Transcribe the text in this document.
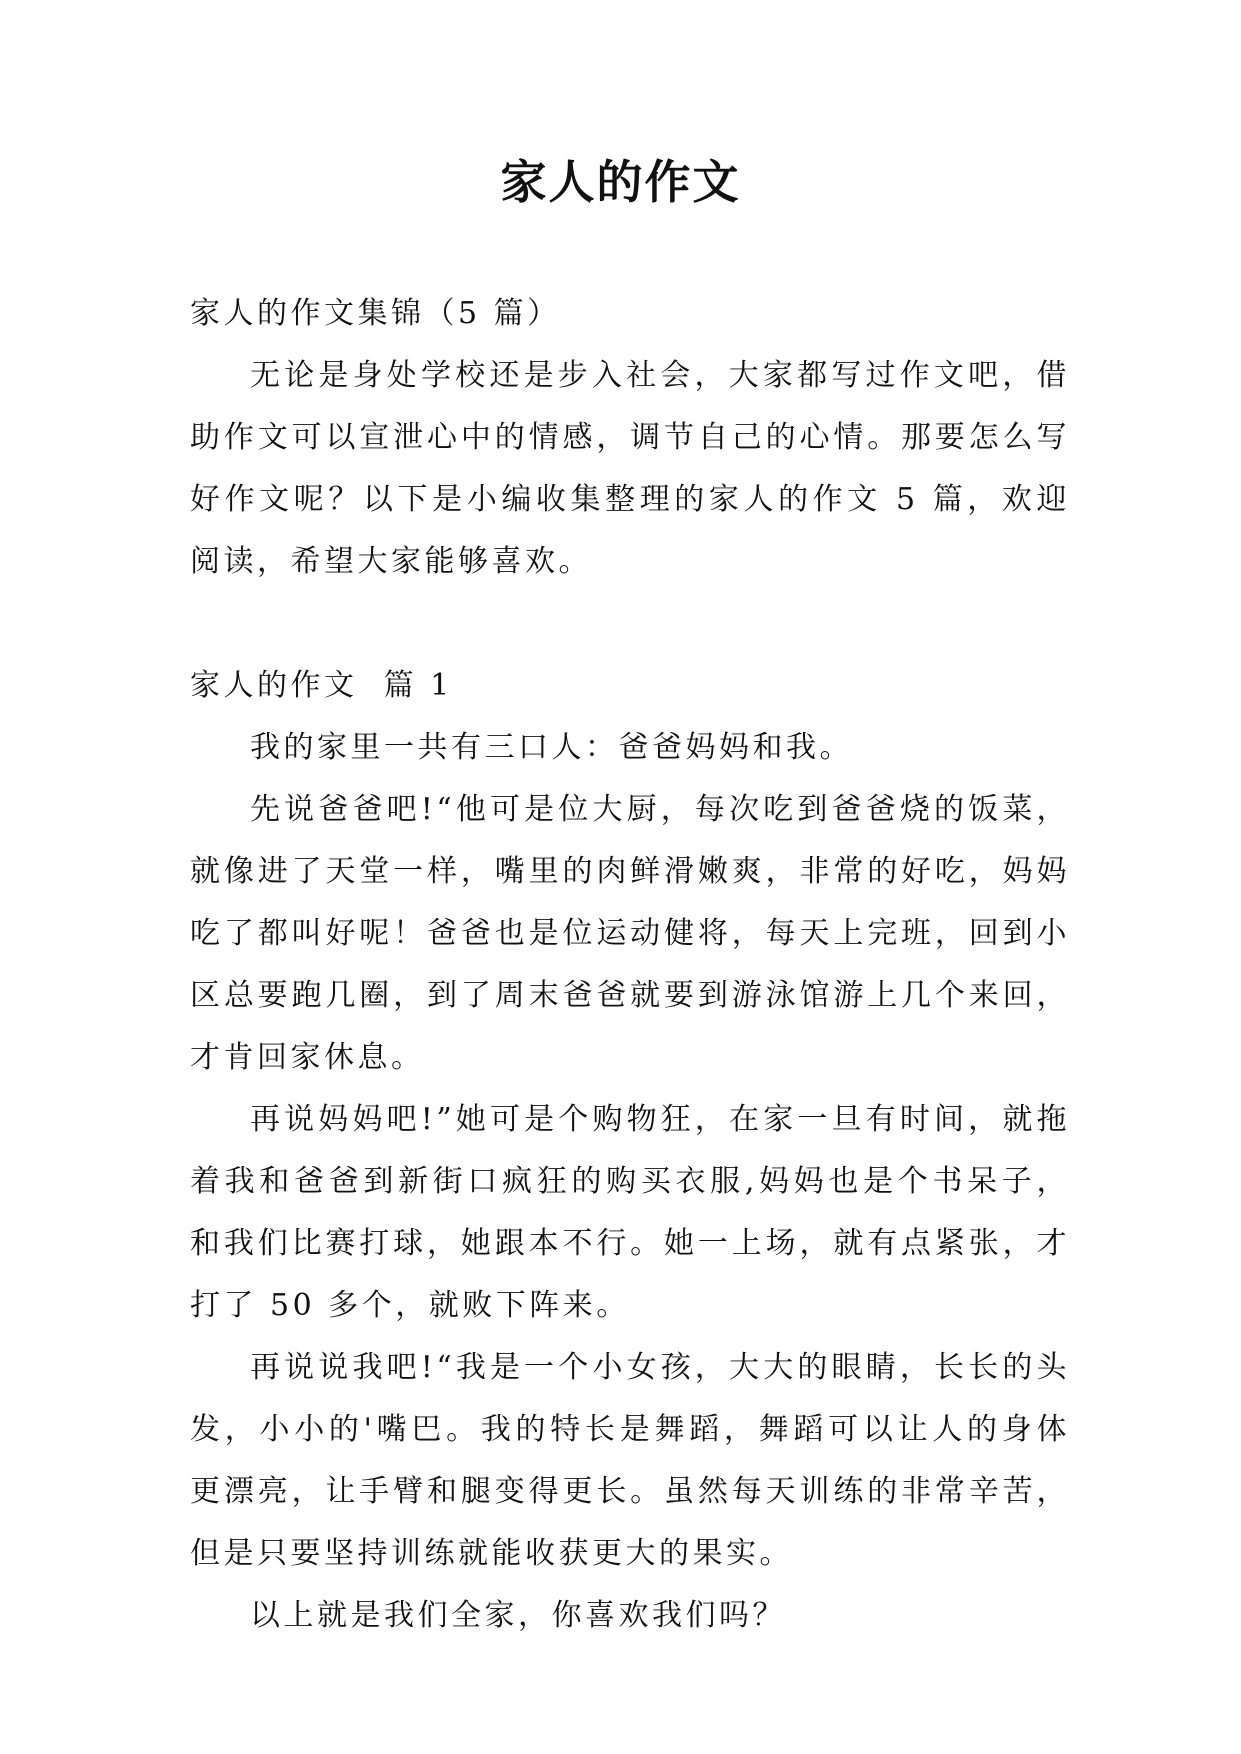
家人的作文

家人的作文集锦（5 篇）

无论是身处学校还是步入社会，大家都写过作文吧，借助作文可以宣泄心中的情感，调节自己的心情。那要怎么写好作文呢？以下是小编收集整理的家人的作文 5 篇，欢迎阅读，希望大家能够喜欢。

家人的作文  篇 1

我的家里一共有三口人：爸爸妈妈和我。

先说爸爸吧!“他可是位大厨，每次吃到爸爸烧的饭菜，就像进了天堂一样，嘴里的肉鲜滑嫩爽，非常的好吃，妈妈吃了都叫好呢！爸爸也是位运动健将，每天上完班，回到小区总要跑几圈，到了周末爸爸就要到游泳馆游上几个来回，才肯回家休息。

再说妈妈吧!”她可是个购物狂，在家一旦有时间，就拖着我和爸爸到新街口疯狂的购买衣服,妈妈也是个书呆子，和我们比赛打球，她跟本不行。她一上场，就有点紧张，才打了 50 多个，就败下阵来。

再说说我吧!“我是一个小女孩，大大的眼睛，长长的头发，小小的'嘴巴。我的特长是舞蹈，舞蹈可以让人的身体更漂亮，让手臂和腿变得更长。虽然每天训练的非常辛苦，但是只要坚持训练就能收获更大的果实。

以上就是我们全家，你喜欢我们吗？
